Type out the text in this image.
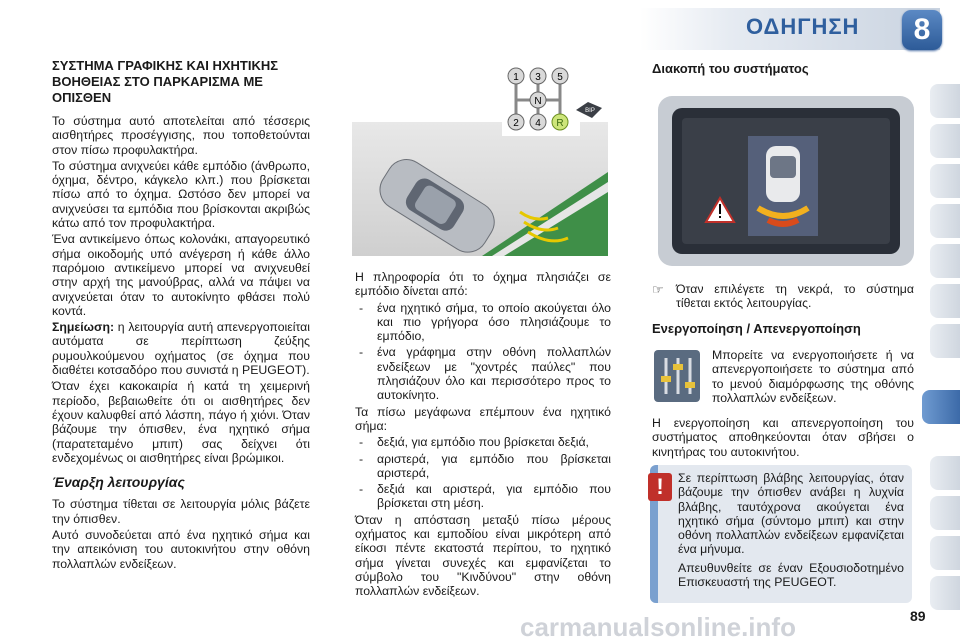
ΟΔΗΓΗΣΗ	8
ΣΥΣΤΗΜΑ ΓΡΑΦΙΚΗΣ ΚΑΙ ΗΧΗΤΙΚΗΣ ΒΟΗΘΕΙΑΣ ΣΤΟ ΠΑΡΚΑΡΙΣΜΑ ΜΕ ΟΠΙΣΘΕΝ

Το σύστημα αυτό αποτελείται από τέσσερις αισθητήρες προσέγγισης, που τοποθετούνται στον πίσω προφυλακτήρα.

Το σύστημα ανιχνεύει κάθε εμπόδιο (άνθρωπο, όχημα, δέντρο, κάγκελο κλπ.) που βρίσκεται πίσω από το όχημα. Ωστόσο δεν μπορεί να ανιχνεύσει τα εμπόδια που βρίσκονται ακριβώς κάτω από τον προφυλακτήρα.

Ένα αντικείμενο όπως κολονάκι, απαγορευτικό σήμα οικοδομής υπό ανέγερση ή κάθε άλλο παρόμοιο αντικείμενο μπορεί να ανιχνευθεί στην αρχή της μανούβρας, αλλά να πάψει να ανιχνεύεται όταν το αυτοκίνητο φθάσει πολύ κοντά.

Σημείωση: η λειτουργία αυτή απενεργοποιείται αυτόματα σε περίπτωση ζεύξης ρυμουλκούμενου οχήματος (σε όχημα που διαθέτει κοτσαδόρο που συνιστά η PEUGEOT).

Όταν έχει κακοκαιρία ή κατά τη χειμερινή περίοδο, βεβαιωθείτε ότι οι αισθητήρες δεν έχουν καλυφθεί από λάσπη, πάγο ή χιόνι. Όταν βάζουμε την όπισθεν, ένα ηχητικό σήμα (παρατεταμένο μπιπ) σας δείχνει ότι ενδεχομένως οι αισθητήρες είναι βρώμικοι.

Έναρξη λειτουργίας

Το σύστημα τίθεται σε λειτουργία μόλις βάζετε την όπισθεν.

Αυτό συνοδεύεται από ένα ηχητικό σήμα και την απεικόνιση του αυτοκινήτου στην οθόνη πολλαπλών ενδείξεων.

1 3 5
2 4 R
N
BIP

Η πληροφορία ότι το όχημα πλησιάζει σε εμπόδιο δίνεται από:

- ένα ηχητικό σήμα, το οποίο ακούγεται όλο και πιο γρήγορα όσο πλησιάζουμε το εμπόδιο,
- ένα γράφημα στην οθόνη πολλαπλών ενδείξεων με "χοντρές παύλες" που πλησιάζουν όλο και περισσότερο προς το αυτοκίνητο.

Τα πίσω μεγάφωνα επέμπουν ένα ηχητικό σήμα:

- δεξιά, για εμπόδιο που βρίσκεται δεξιά,
- αριστερά, για εμπόδιο που βρίσκεται αριστερά,
- δεξιά και αριστερά, για εμπόδιο που βρίσκεται στη μέση.

Όταν η απόσταση μεταξύ πίσω μέρους οχήματος και εμποδίου είναι μικρότερη από είκοσι πέντε εκατοστά περίπου, το ηχητικό σήμα γίνεται συνεχές και εμφανίζεται το σύμβολο του "Κινδύνου" στην οθόνη πολλαπλών ενδείξεων.

Διακοπή του συστήματος
☞ Όταν επιλέγετε τη νεκρά, το σύστημα τίθεται εκτός λειτουργίας.

Ενεργοποίηση / Απενεργοποίηση

Μπορείτε να ενεργοποιήσετε ή να απενεργοποιήσετε το σύστημα από το μενού διαμόρφωσης της οθόνης πολλαπλών ενδείξεων.

Η ενεργοποίηση και απενεργοποίηση του συστήματος αποθηκεύονται όταν σβήσει ο κινητήρας του αυτοκινήτου.

!	Σε περίπτωση βλάβης λειτουργίας, όταν βάζουμε την όπισθεν ανάβει η λυχνία βλάβης, ταυτόχρονα ακούγεται ένα ηχητικό σήμα (σύντομο μπιπ) και στην οθόνη πολλαπλών ενδείξεων εμφανίζεται ένα μήνυμα.

Απευθυνθείτε σε έναν Εξουσιοδοτημένο Επισκευαστή της PEUGEOT.

carmanualsonline.info	89
